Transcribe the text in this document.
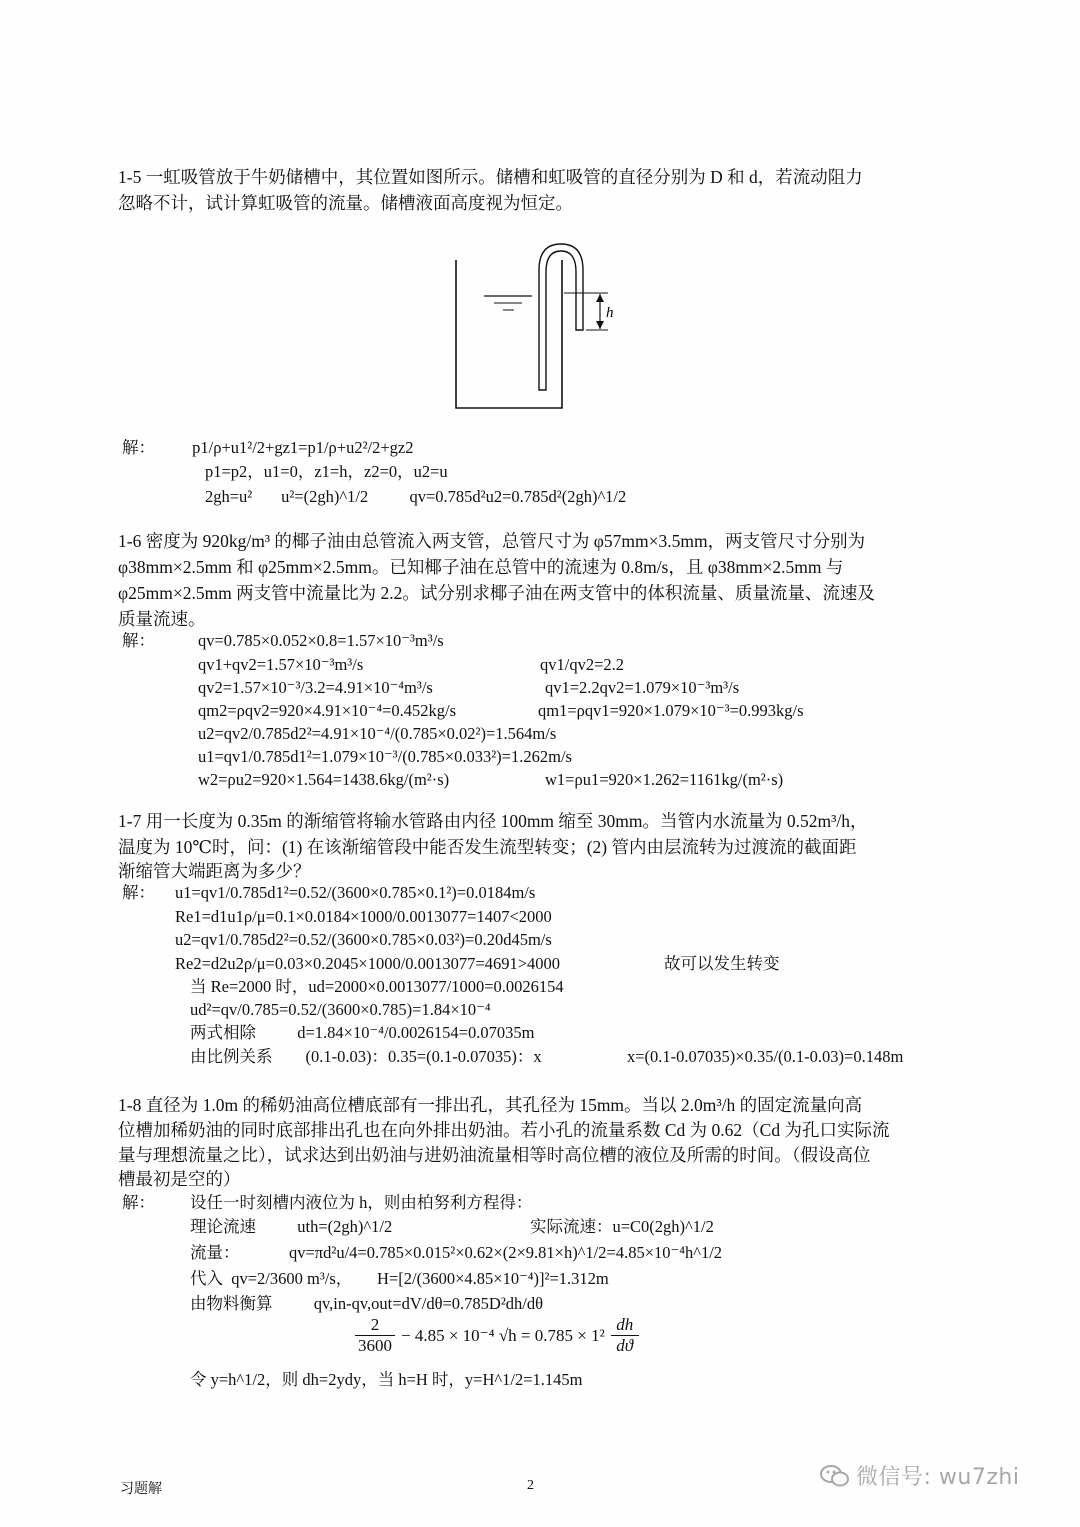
1-5 一虹吸管放于牛奶储槽中，其位置如图所示。储槽和虹吸管的直径分别为 D 和 d，若流动阻力
忽略不计，试计算虹吸管的流量。储槽液面高度视为恒定。
h
解：         p1/ρ+u1²/2+gz1=p1/ρ+u2²/2+gz2
p1=p2，u1=0，z1=h，z2=0，u2=u
2gh=u²       u²=(2gh)^1/2          qv=0.785d²u2=0.785d²(2gh)^1/2
1-6 密度为 920kg/m³ 的椰子油由总管流入两支管，总管尺寸为 φ57mm×3.5mm，两支管尺寸分别为
φ38mm×2.5mm 和 φ25mm×2.5mm。已知椰子油在总管中的流速为 0.8m/s，且 φ38mm×2.5mm 与
φ25mm×2.5mm 两支管中流量比为 2.2。试分别求椰子油在两支管中的体积流量、质量流量、流速及
质量流速。
解：	qv=0.785×0.052×0.8=1.57×10⁻³m³/s
qv1+qv2=1.57×10⁻³m³/s	qv1/qv2=2.2
qv2=1.57×10⁻³/3.2=4.91×10⁻⁴m³/s	qv1=2.2qv2=1.079×10⁻³m³/s
qm2=ρqv2=920×4.91×10⁻⁴=0.452kg/s	qm1=ρqv1=920×1.079×10⁻³=0.993kg/s
u2=qv2/0.785d2²=4.91×10⁻⁴/(0.785×0.02²)=1.564m/s
u1=qv1/0.785d1²=1.079×10⁻³/(0.785×0.033²)=1.262m/s
w2=ρu2=920×1.564=1438.6kg/(m²·s)	w1=ρu1=920×1.262=1161kg/(m²·s)
1-7 用一长度为 0.35m 的渐缩管将输水管路由内径 100mm 缩至 30mm。当管内水流量为 0.52m³/h，
温度为 10℃时，问：(1) 在该渐缩管段中能否发生流型转变；(2) 管内由层流转为过渡流的截面距
渐缩管大端距离为多少？
解： u1=qv1/0.785d1²=0.52/(3600×0.785×0.1²)=0.0184m/s
Re1=d1u1ρ/μ=0.1×0.0184×1000/0.0013077=1407<2000
u2=qv1/0.785d2²=0.52/(3600×0.785×0.03²)=0.20d45m/s
Re2=d2u2ρ/μ=0.03×0.2045×1000/0.0013077=4691>4000	故可以发生转变
当 Re=2000 时，ud=2000×0.0013077/1000=0.0026154
ud²=qv/0.785=0.52/(3600×0.785)=1.84×10⁻⁴
两式相除          d=1.84×10⁻⁴/0.0026154=0.07035m
由比例关系        (0.1-0.03)：0.35=(0.1-0.07035)：x	x=(0.1-0.07035)×0.35/(0.1-0.03)=0.148m
1-8 直径为 1.0m 的稀奶油高位槽底部有一排出孔，其孔径为 15mm。当以 2.0m³/h 的固定流量向高
位槽加稀奶油的同时底部排出孔也在向外排出奶油。若小孔的流量系数 Cd 为 0.62（Cd 为孔口实际流
量与理想流量之比），试求达到出奶油与进奶油流量相等时高位槽的液位及所需的时间。（假设高位
槽最初是空的）
解： 设任一时刻槽内液位为 h，则由柏努利方程得：
理论流速          uth=(2gh)^1/2	实际流速：u=C0(2gh)^1/2
流量：            qv=πd²u/4=0.785×0.015²×0.62×(2×9.81×h)^1/2=4.85×10⁻⁴h^1/2
代入  qv=2/3600 m³/s，      H=[2/(3600×4.85×10⁻⁴)]²=1.312m
由物料衡算          qv,in-qv,out=dV/dθ=0.785D²dh/dθ
2
3600
− 4.85 × 10⁻⁴ √h = 0.785 × 1²
dh
dϑ
令 y=h^1/2，则 dh=2ydy，当 h=H 时，y=H^1/2=1.145m
习题解	2	微信号: wu7zhi
